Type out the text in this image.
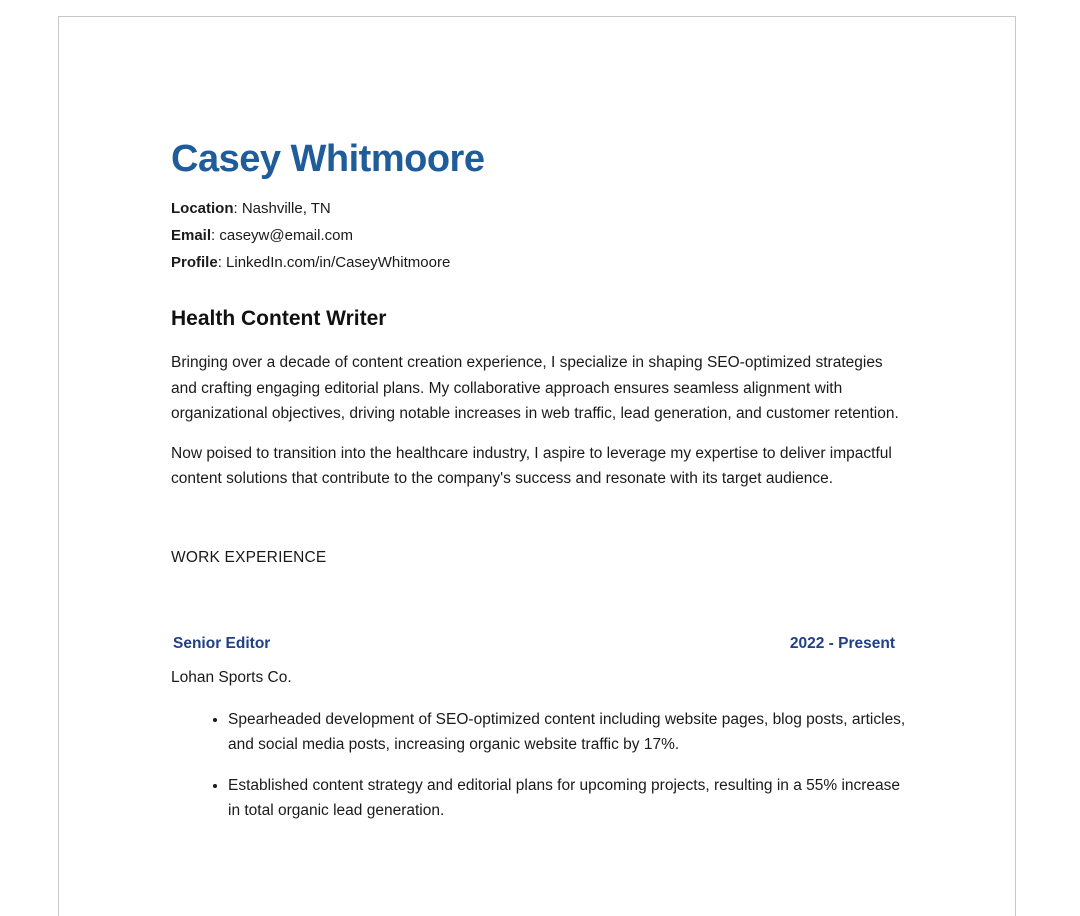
Casey Whitmoore
Location: Nashville, TN
Email: caseyw@email.com
Profile: LinkedIn.com/in/CaseyWhitmoore
Health Content Writer

Bringing over a decade of content creation experience, I specialize in shaping SEO-optimized strategies and crafting engaging editorial plans. My collaborative approach ensures seamless alignment with organizational objectives, driving notable increases in web traffic, lead generation, and customer retention.

Now poised to transition into the healthcare industry, I aspire to leverage my expertise to deliver impactful content solutions that contribute to the company's success and resonate with its target audience.

WORK EXPERIENCE
Senior Editor	2022 - Present
Lohan Sports Co.
• Spearheaded development of SEO-optimized content including website pages, blog posts, articles, and social media posts, increasing organic website traffic by 17%.
• Established content strategy and editorial plans for upcoming projects, resulting in a 55% increase in total organic lead generation.
